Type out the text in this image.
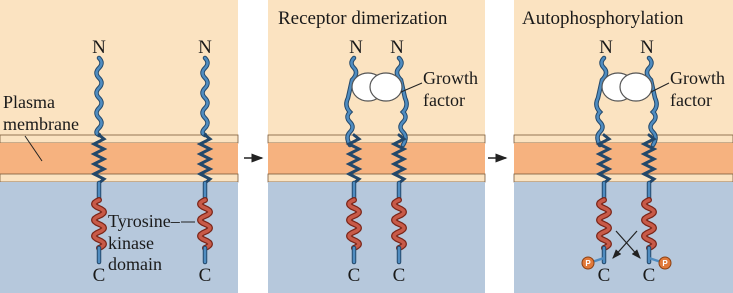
N	N
C	C
Plasma
membrane
Tyrosine–
kinase
domain
Receptor dimerization
Growth
factor
N N
C C
Autophosphorylation
Growth
factor
P	P
N N
C C
